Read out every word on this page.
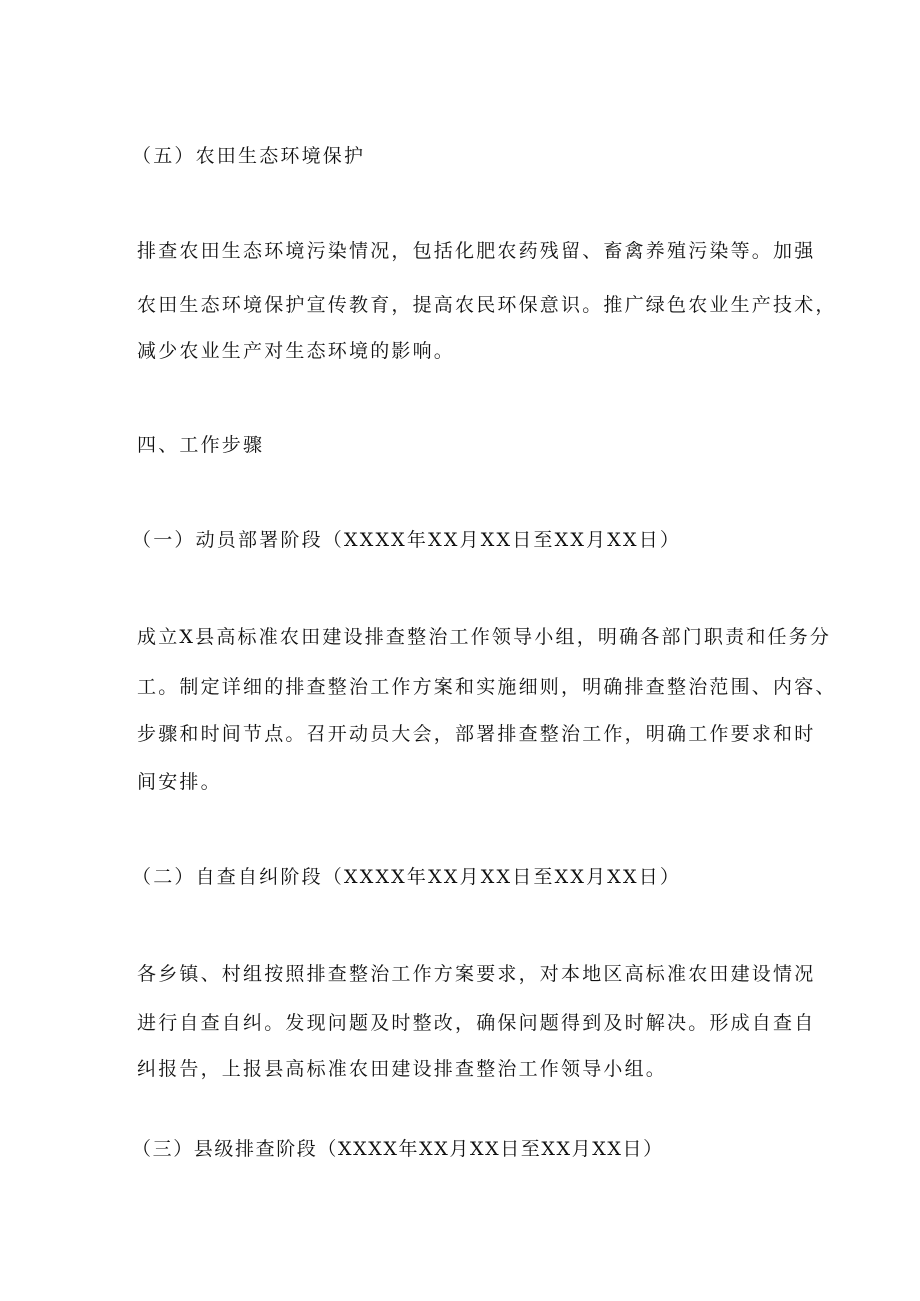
（五）农田生态环境保护

排查农田生态环境污染情况，包括化肥农药残留、畜禽养殖污染等。加强

农田生态环境保护宣传教育，提高农民环保意识。推广绿色农业生产技术，

减少农业生产对生态环境的影响。

四、工作步骤

（一）动员部署阶段（XXXX年XX月XX日至XX月XX日）

成立X县高标准农田建设排查整治工作领导小组，明确各部门职责和任务分

工。制定详细的排查整治工作方案和实施细则，明确排查整治范围、内容、

步骤和时间节点。召开动员大会，部署排查整治工作，明确工作要求和时

间安排。

（二）自查自纠阶段（XXXX年XX月XX日至XX月XX日）

各乡镇、村组按照排查整治工作方案要求，对本地区高标准农田建设情况

进行自查自纠。发现问题及时整改，确保问题得到及时解决。形成自查自

纠报告，上报县高标准农田建设排查整治工作领导小组。

（三）县级排查阶段（XXXX年XX月XX日至XX月XX日）
